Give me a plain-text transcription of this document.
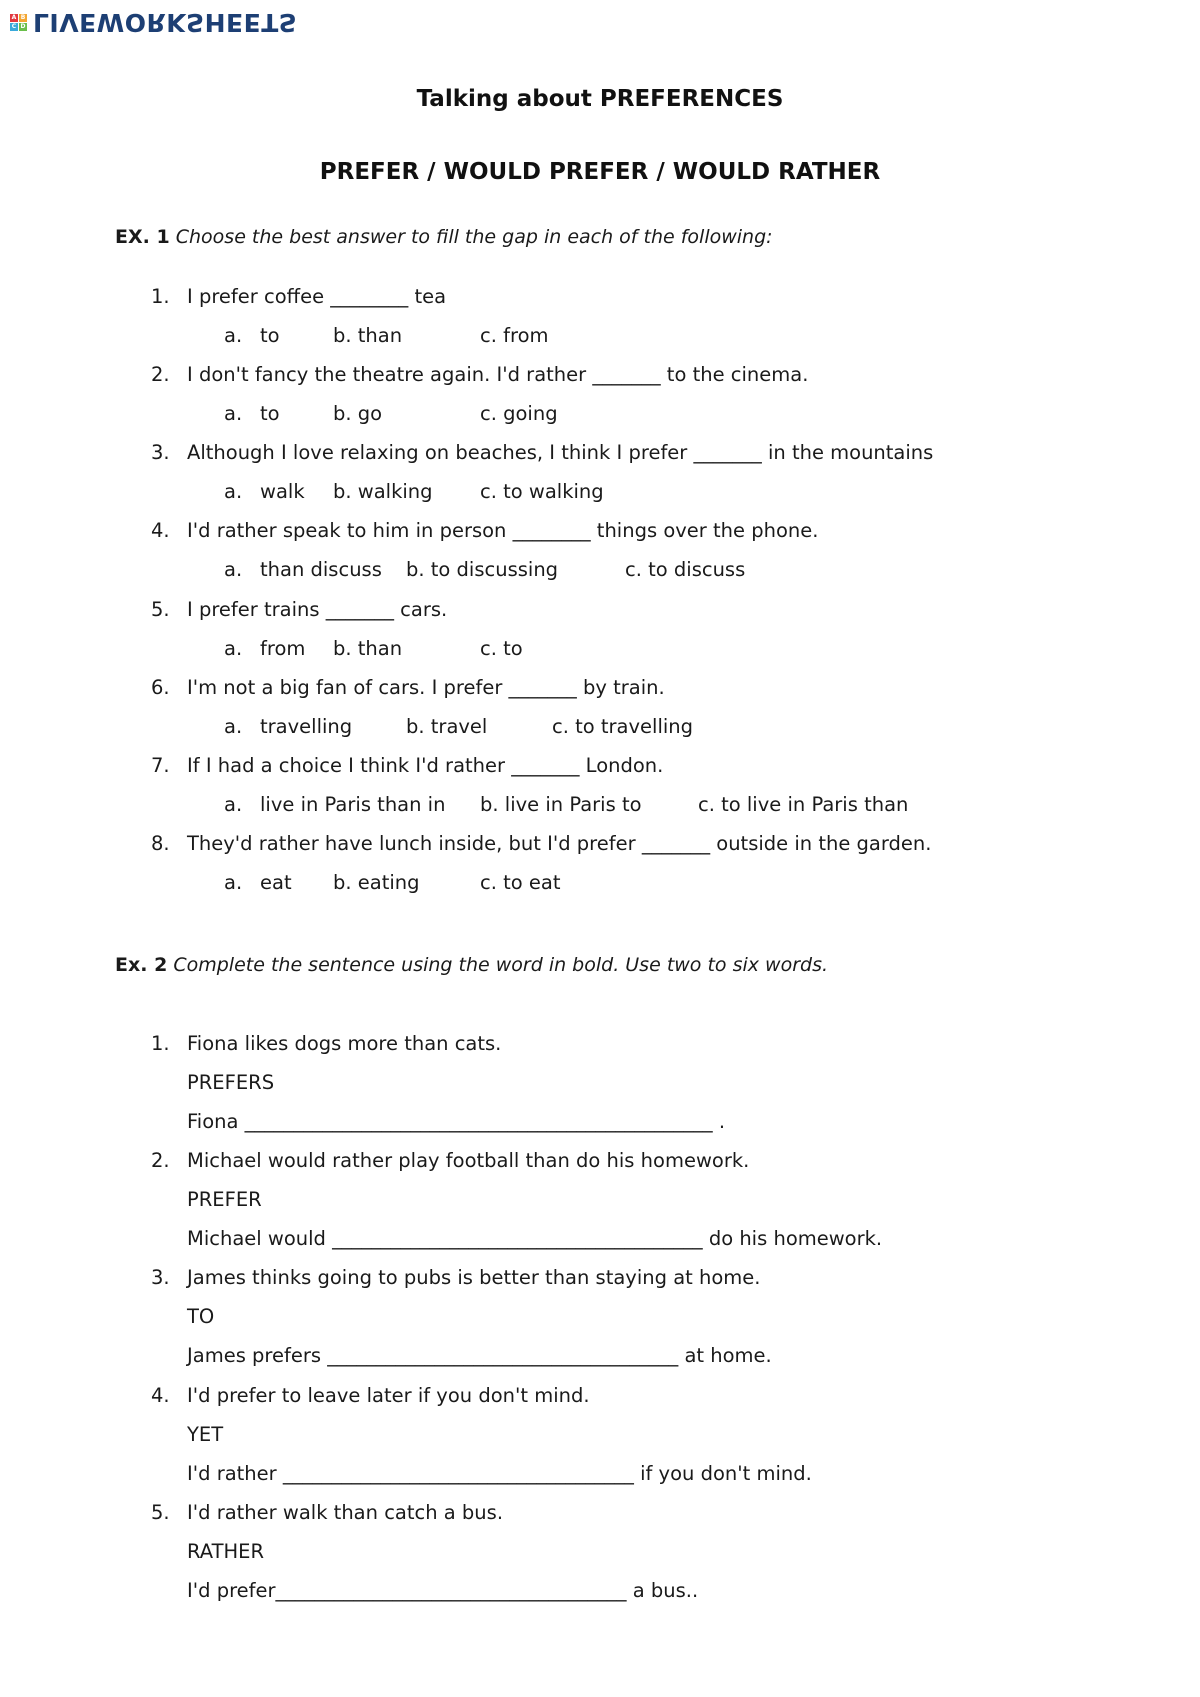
A B
C D LIVEWORKSHEETS
Talking about PREFERENCES
PREFER / WOULD PREFER / WOULD RATHER
EX. 1 Choose the best answer to fill the gap in each of the following:
1. I prefer coffee ________ tea
a. to	b. than	c. from
2. I don't fancy the theatre again. I'd rather _______ to the cinema.
a. to	b. go	c. going
3. Although I love relaxing on beaches, I think I prefer _______ in the mountains
a. walk b. walking c. to walking
4. I'd rather speak to him in person ________ things over the phone.
a. than discuss b. to discussing	c. to discuss
5. I prefer trains _______ cars.
a. from b. than	c. to
6. I'm not a big fan of cars. I prefer _______ by train.
a. travelling	b. travel	c. to travelling
7. If I had a choice I think I'd rather _______ London.
a. live in Paris than in b. live in Paris to	c. to live in Paris than
8. They'd rather have lunch inside, but I'd prefer _______ outside in the garden.
a. eat b. eating	c. to eat
Ex. 2 Complete the sentence using the word in bold. Use two to six words.
1. Fiona likes dogs more than cats.
PREFERS
Fiona ________________________________________________ .
2. Michael would rather play football than do his homework.
PREFER
Michael would ______________________________________ do his homework.
3. James thinks going to pubs is better than staying at home.
TO
James prefers ____________________________________ at home.
4. I'd prefer to leave later if you don't mind.
YET
I'd rather ____________________________________ if you don't mind.
5. I'd rather walk than catch a bus.
RATHER
I'd prefer____________________________________ a bus..
